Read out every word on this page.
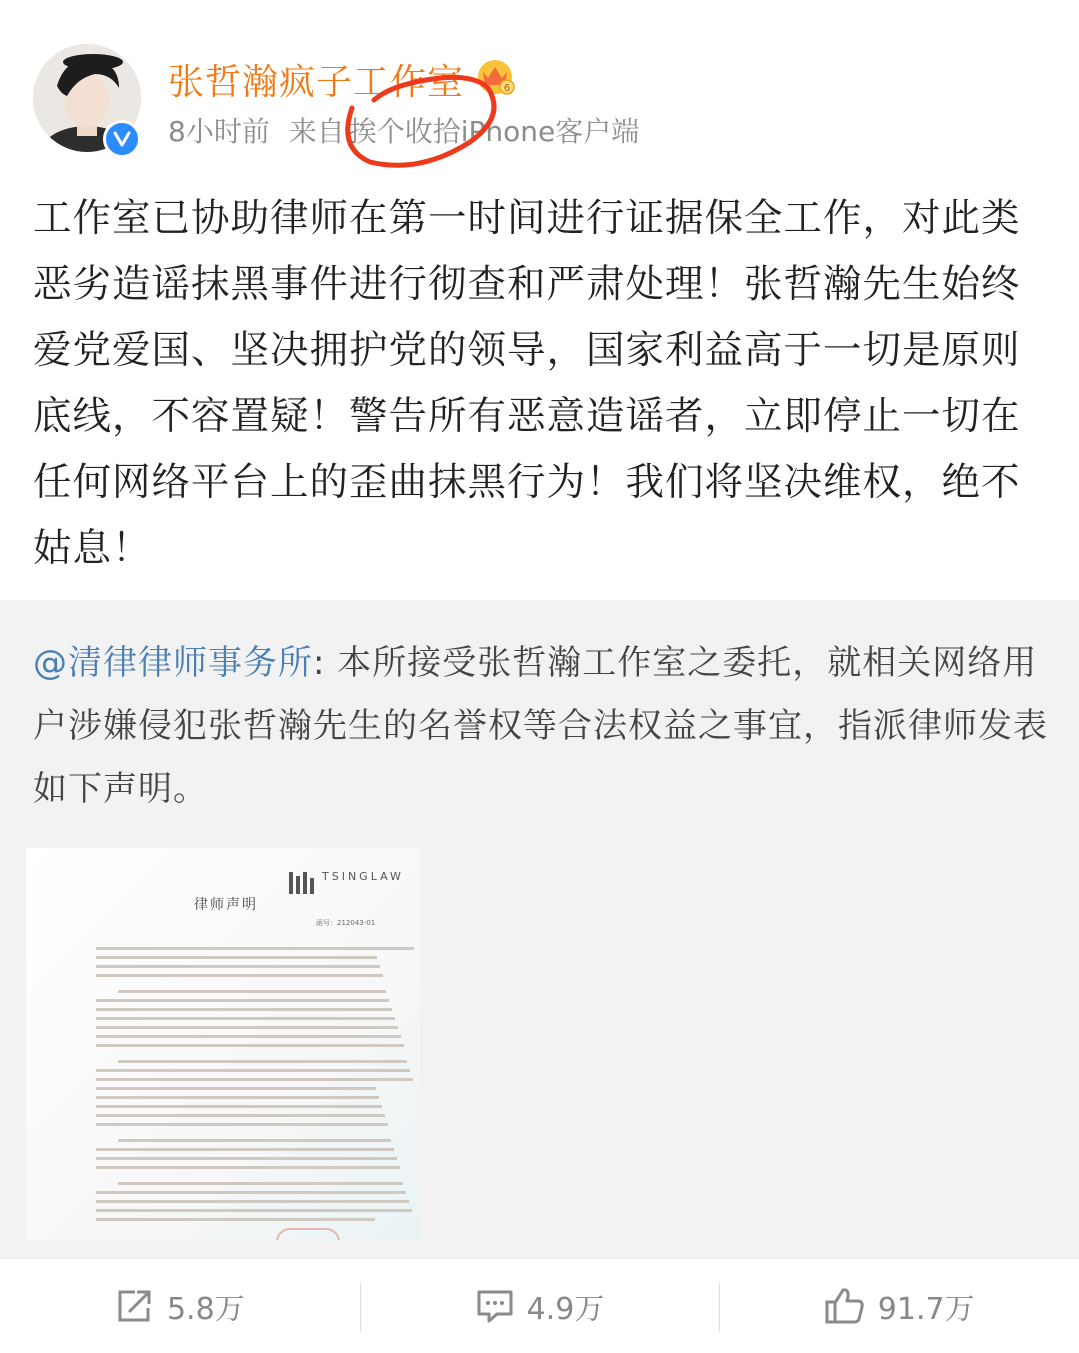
张哲瀚疯子工作室	6
8小时前 来自 挨个收拾iPhone客户端
工作室已协助律师在第一时间进行证据保全工作，对此类恶劣造谣抹黑事件进行彻查和严肃处理！张哲瀚先生始终爱党爱国、坚决拥护党的领导，国家利益高于一切是原则底线，不容置疑！警告所有恶意造谣者，立即停止一切在任何网络平台上的歪曲抹黑行为！我们将坚决维权，绝不姑息！
@清律律师事务所: 本所接受张哲瀚工作室之委托，就相关网络用户涉嫌侵犯张哲瀚先生的名誉权等合法权益之事宜，指派律师发表如下声明。
TSINGLAW
律师声明
函号：212043-01
5.8万	4.9万	91.7万
